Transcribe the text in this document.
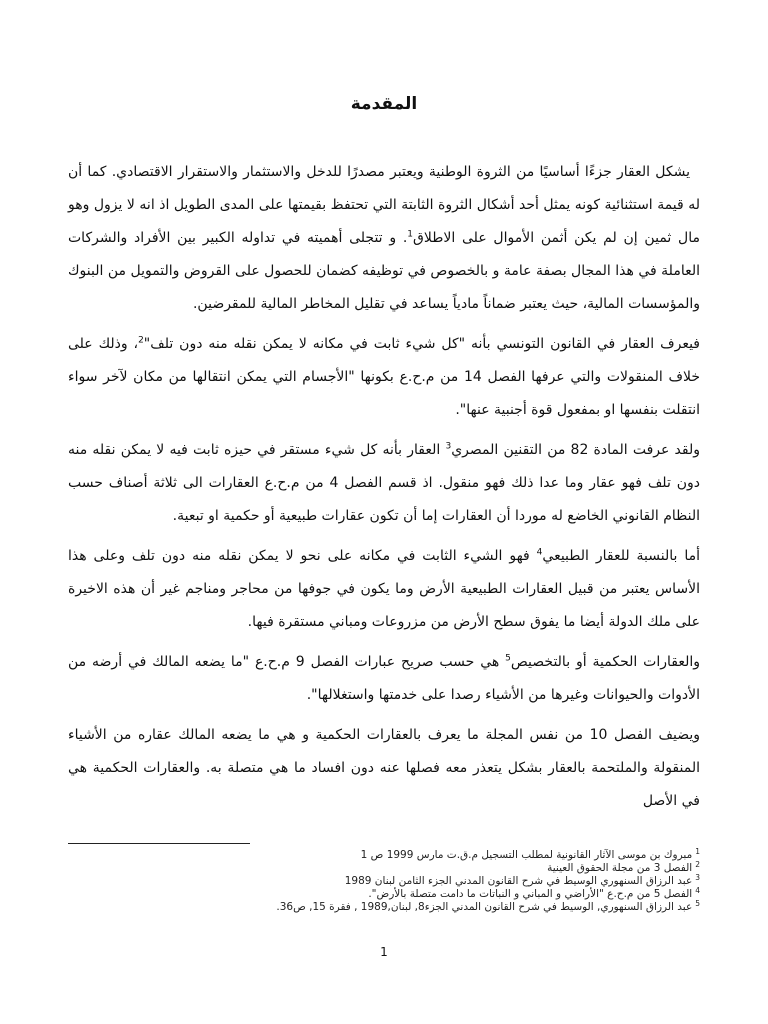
المقدمة

يشكل العقار جزءًا أساسيًا من الثروة الوطنية ويعتبر مصدرًا للدخل والاستثمار والاستقرار الاقتصادي. كما أن له قيمة استثنائية كونه يمثل أحد أشكال الثروة الثابتة التي تحتفظ بقيمتها على المدى الطويل اذ انه لا يزول وهو مال ثمين إن لم يكن أثمن الأموال على الاطلاق$^1$. و تتجلى أهميته في تداوله الكبير بين الأفراد والشركات العاملة في هذا المجال بصفة عامة و بالخصوص في توظيفه كضمان للحصول على القروض والتمويل من البنوك والمؤسسات المالية، حيث يعتبر ضماناً مادياً يساعد في تقليل المخاطر المالية للمقرضين.

فيعرف العقار في القانون التونسي بأنه "كل شيء ثابت في مكانه لا يمكن نقله منه دون تلف"$^2$، وذلك على خلاف المنقولات والتي عرفها الفصل 14 من م.ح.ع بكونها "الأجسام التي يمكن انتقالها من مكان لآخر سواء انتقلت بنفسها او بمفعول قوة أجنبية عنها".

ولقد عرفت المادة 82 من التقنين المصري$^3$ العقار بأنه كل شيء مستقر في حيزه ثابت فيه لا يمكن نقله منه دون تلف فهو عقار وما عدا ذلك فهو منقول. اذ قسم الفصل 4 من م.ح.ع العقارات الى ثلاثة أصناف حسب النظام القانوني الخاضع له موردا أن العقارات إما أن تكون عقارات طبيعية أو حكمية او تبعية.

أما بالنسبة للعقار الطبيعي$^4$ فهو الشيء الثابت في مكانه على نحو لا يمكن نقله منه دون تلف وعلى هذا الأساس يعتبر من قبيل العقارات الطبيعية الأرض وما يكون في جوفها من محاجر ومناجم غير أن هذه الاخيرة على ملك الدولة أيضا ما يفوق سطح الأرض من مزروعات ومباني مستقرة فيها.

والعقارات الحكمية أو بالتخصيص$^5$ هي حسب صريح عبارات الفصل 9 م.ح.ع "ما يضعه المالك في أرضه من الأدوات والحيوانات وغيرها من الأشياء رصدا على خدمتها واستغلالها".

ويضيف الفصل 10 من نفس المجلة ما يعرف بالعقارات الحكمية و هي ما يضعه المالك عقاره من الأشياء المنقولة والملتحمة بالعقار بشكل يتعذر معه فصلها عنه دون افساد ما هي متصلة به. والعقارات الحكمية هي في الأصل

$^1$مبروك بن موسى الآثار القانونية لمطلب التسجيل م.ق.ت مارس 1999 ص 1
$^2$الفصل 3 من مجلة الحقوق العينية
$^3$عبد الرزاق السنهوري الوسيط في شرح القانون المدني الجزء الثامن لبنان 1989
$^4$الفصل 5 من م.ح.ع "الأراضي و المباني و النباتات ما دامت متصلة بالأرض".
$^5$عبد الرزاق السنهوري, الوسيط في شرح القانون المدني الجزء8, لبنان,1989 , فقرة 15, ص36.
1
